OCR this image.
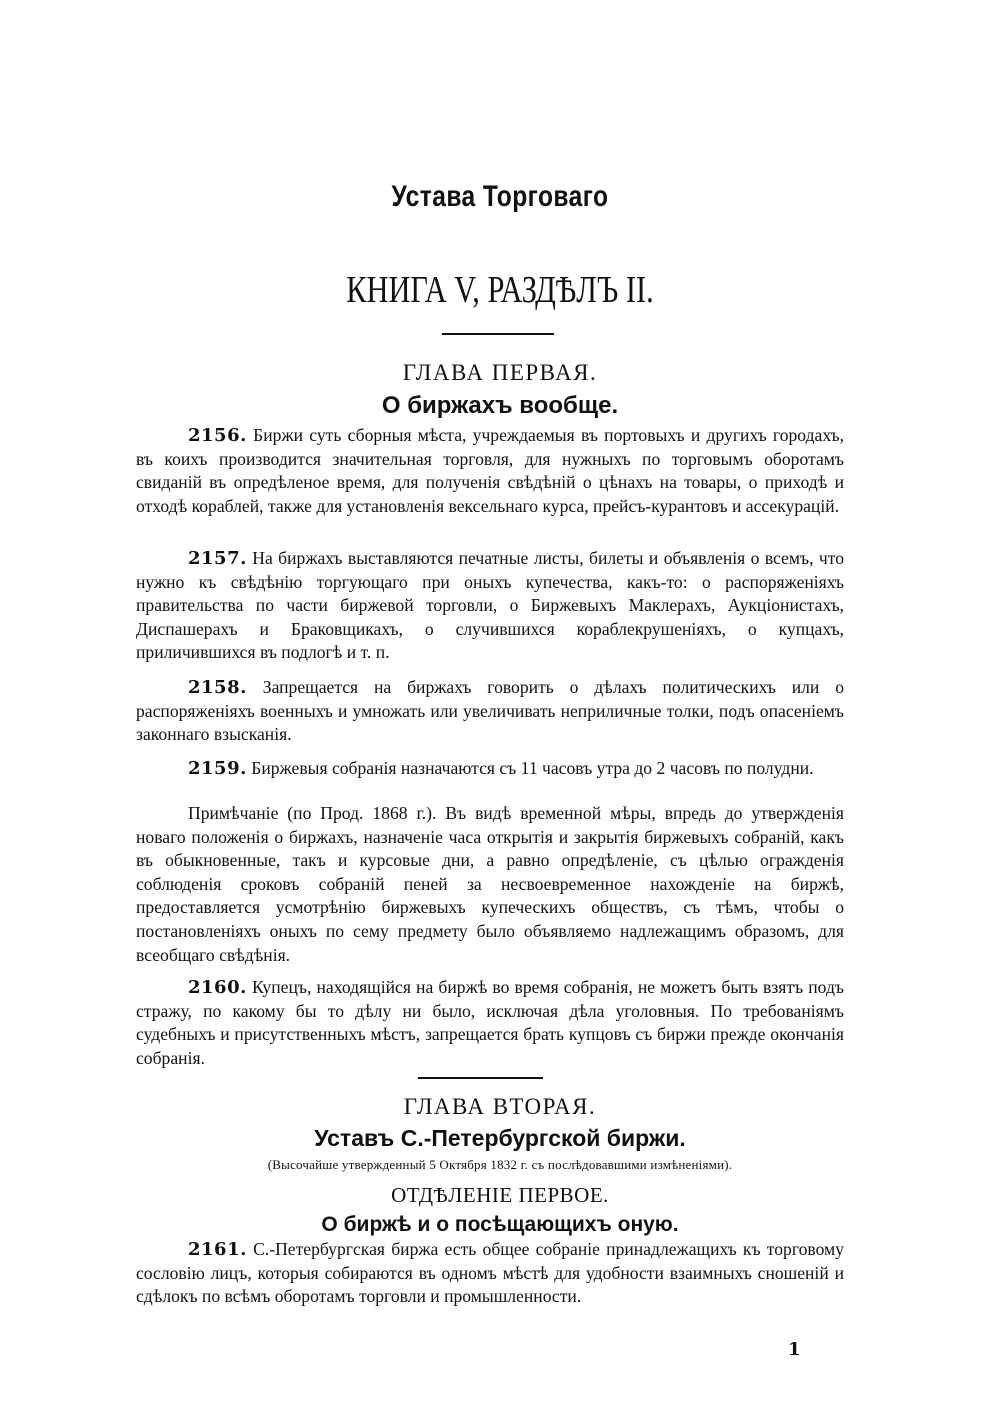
Устава Торговаго
КНИГА V, РАЗДѢЛЪ II.
ГЛАВА ПЕРВАЯ.
О биржахъ вообще.

2156. Биржи суть сборныя мѣста, учреждаемыя въ портовыхъ и другихъ городахъ, въ коихъ производится значительная торговля, для нужныхъ по торговымъ оборотамъ свиданій въ опредѣленое время, для полученія свѣдѣній о цѣнахъ на товары, о приходѣ и отходѣ кораблей, также для установленія вексельнаго курса, прейсъ-курантовъ и ассекурацій.

2157. На биржахъ выставляются печатные листы, билеты и объявленія о всемъ, что нужно къ свѣдѣнію торгующаго при оныхъ купечества, какъ-то: о распоряженіяхъ правительства по части биржевой торговли, о Биржевыхъ Маклерахъ, Аукціонистахъ, Диспашерахъ и Браковщикахъ, о случившихся кораблекрушеніяхъ, о купцахъ, приличившихся въ подлогѣ и т. п.

2158. Запрещается на биржахъ говорить о дѣлахъ политическихъ или о распоряженіяхъ военныхъ и умножать или увеличивать неприличные толки, подъ опасеніемъ законнаго взысканія.

2159. Биржевыя собранія назначаются съ 11 часовъ утра до 2 часовъ по полудни.

Примѣчаніе (по Прод. 1868 г.). Въ видѣ временной мѣры, впредь до утвержденія новаго положенія о биржахъ, назначеніе часа открытія и закрытія биржевыхъ собраній, какъ въ обыкновенные, такъ и курсовые дни, а равно опредѣленіе, съ цѣлью огражденія соблюденія сроковъ собраній пеней за несвоевременное нахожденіе на биржѣ, предоставляется усмотрѣнію биржевыхъ купеческихъ обществъ, съ тѣмъ, чтобы о постановленіяхъ оныхъ по сему предмету было объявляемо надлежащимъ образомъ, для всеобщаго свѣдѣнія.

2160. Купецъ, находящійся на биржѣ во время собранія, не можетъ быть взятъ подъ стражу, по какому бы то дѣлу ни было, исключая дѣла уголовныя. По требованіямъ судебныхъ и присутственныхъ мѣстъ, запрещается брать купцовъ съ биржи прежде окончанія собранія.

ГЛАВА ВТОРАЯ.
Уставъ С.-Петербургской биржи.
(Высочайше утвержденный 5 Октября 1832 г. съ послѣдовавшими измѣненіями).
ОТДѢЛЕНІЕ ПЕРВОЕ.
О биржѣ и о посѣщающихъ оную.

2161. С.-Петербургская биржа есть общее собраніе принадлежащихъ къ торговому сословію лицъ, которыя собираются въ одномъ мѣстѣ для удобности взаимныхъ сношеній и сдѣлокъ по всѣмъ оборотамъ торговли и промышленности.

1
